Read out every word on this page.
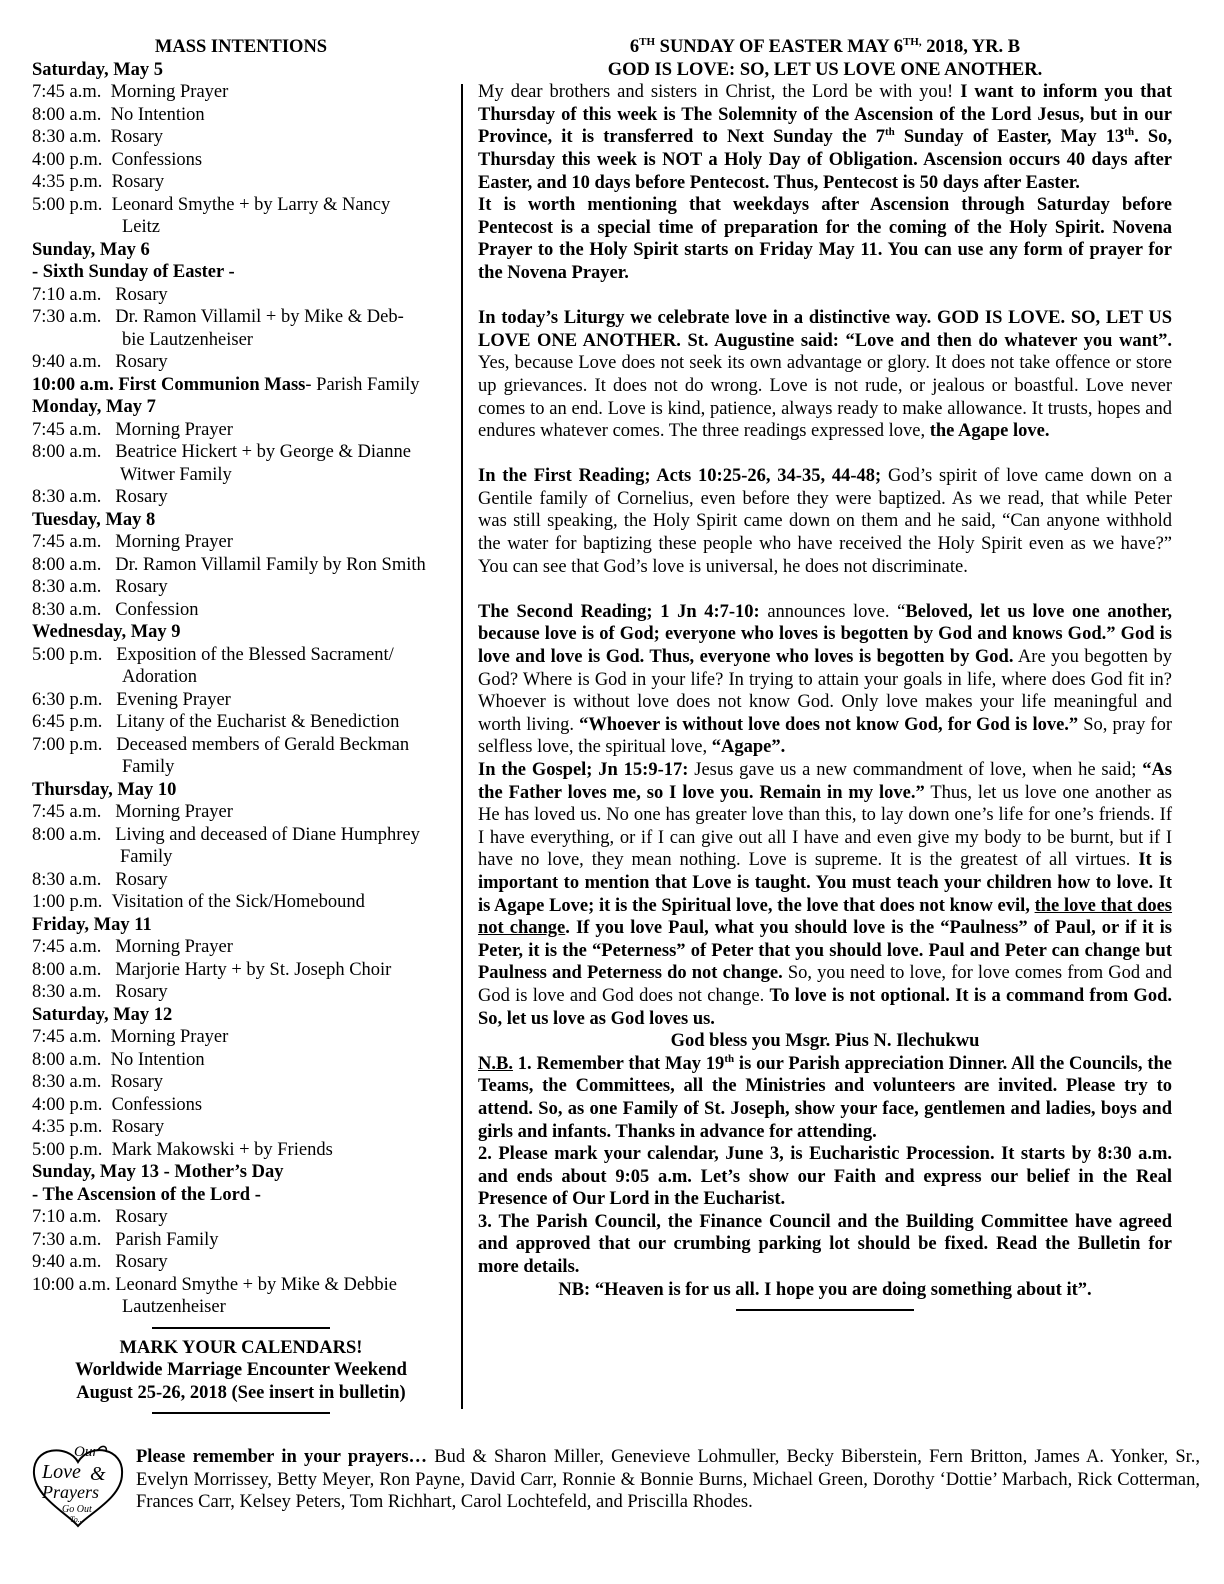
MASS INTENTIONS
Saturday, May 5
7:45 a.m. Morning Prayer
8:00 a.m. No Intention
8:30 a.m. Rosary
4:00 p.m. Confessions
4:35 p.m. Rosary
5:00 p.m. Leonard Smythe + by Larry & Nancy
Leitz
Sunday, May 6
- Sixth Sunday of Easter -
7:10 a.m. Rosary
7:30 a.m. Dr. Ramon Villamil + by Mike & Deb-
bie Lautzenheiser
9:40 a.m. Rosary
10:00 a.m. First Communion Mass- Parish Family
Monday, May 7
7:45 a.m. Morning Prayer
8:00 a.m. Beatrice Hickert + by George & Dianne
Witwer Family
8:30 a.m. Rosary
Tuesday, May 8
7:45 a.m. Morning Prayer
8:00 a.m. Dr. Ramon Villamil Family by Ron Smith
8:30 a.m. Rosary
8:30 a.m. Confession
Wednesday, May 9
5:00 p.m. Exposition of the Blessed Sacrament/
Adoration
6:30 p.m. Evening Prayer
6:45 p.m. Litany of the Eucharist & Benediction
7:00 p.m. Deceased members of Gerald Beckman
Family
Thursday, May 10
7:45 a.m. Morning Prayer
8:00 a.m. Living and deceased of Diane Humphrey
Family
8:30 a.m. Rosary
1:00 p.m. Visitation of the Sick/Homebound
Friday, May 11
7:45 a.m. Morning Prayer
8:00 a.m. Marjorie Harty + by St. Joseph Choir
8:30 a.m. Rosary
Saturday, May 12
7:45 a.m. Morning Prayer
8:00 a.m. No Intention
8:30 a.m. Rosary
4:00 p.m. Confessions
4:35 p.m. Rosary
5:00 p.m. Mark Makowski + by Friends
Sunday, May 13 - Mother’s Day
- The Ascension of the Lord -
7:10 a.m. Rosary
7:30 a.m. Parish Family
9:40 a.m. Rosary
10:00 a.m. Leonard Smythe + by Mike & Debbie
Lautzenheiser
MARK YOUR CALENDARS!
Worldwide Marriage Encounter Weekend
August 25-26, 2018 (See insert in bulletin)
6TH SUNDAY OF EASTER MAY $6^{TH,}$ 2018, YR. B
GOD IS LOVE: SO, LET US LOVE ONE ANOTHER.

My dear brothers and sisters in Christ, the Lord be with you! I want to inform you that Thursday of this week is The Solemnity of the Ascension of the Lord Jesus, but in our Province, it is transferred to Next Sunday the 7th Sunday of Easter, May 13th. So, Thursday this week is NOT a Holy Day of Obligation. Ascension occurs 40 days after Easter, and 10 days before Pentecost. Thus, Pentecost is 50 days after Easter.

It is worth mentioning that weekdays after Ascension through Saturday before Pentecost is a special time of preparation for the coming of the Holy Spirit. Novena Prayer to the Holy Spirit starts on Friday May 11. You can use any form of prayer for the Novena Prayer.

In today’s Liturgy we celebrate love in a distinctive way. GOD IS LOVE. SO, LET US LOVE ONE ANOTHER. St. Augustine said: “Love and then do whatever you want”. Yes, because Love does not seek its own advantage or glory. It does not take offence or store up grievances. It does not do wrong. Love is not rude, or jealous or boastful. Love never comes to an end. Love is kind, patience, always ready to make allowance. It trusts, hopes and endures whatever comes. The three readings expressed love, the Agape love.

In the First Reading; Acts 10:25-26, 34-35, 44-48; God’s spirit of love came down on a Gentile family of Cornelius, even before they were baptized. As we read, that while Peter was still speaking, the Holy Spirit came down on them and he said, “Can anyone withhold the water for baptizing these people who have received the Holy Spirit even as we have?” You can see that God’s love is universal, he does not discriminate.

The Second Reading; 1 Jn 4:7-10: announces love. “Beloved, let us love one another, because love is of God; everyone who loves is begotten by God and knows God.” God is love and love is God. Thus, everyone who loves is begotten by God. Are you begotten by God? Where is God in your life? In trying to attain your goals in life, where does God fit in? Whoever is without love does not know God. Only love makes your life meaningful and worth living. “Whoever is without love does not know God, for God is love.” So, pray for selfless love, the spiritual love, “Agape”.

In the Gospel; Jn 15:9-17: Jesus gave us a new commandment of love, when he said; “As the Father loves me, so I love you. Remain in my love.” Thus, let us love one another as He has loved us. No one has greater love than this, to lay down one’s life for one’s friends. If I have everything, or if I can give out all I have and even give my body to be burnt, but if I have no love, they mean nothing. Love is supreme. It is the greatest of all virtues. It is important to mention that Love is taught. You must teach your children how to love. It is Agape Love; it is the Spiritual love, the love that does not know evil, the love that does not change. If you love Paul, what you should love is the “Paulness” of Paul, or if it is Peter, it is the “Peterness” of Peter that you should love. Paul and Peter can change but Paulness and Peterness do not change. So, you need to love, for love comes from God and God is love and God does not change. To love is not optional. It is a command from God. So, let us love as God loves us.

God bless you Msgr. Pius N. Ilechukwu

N.B. 1. Remember that May 19th is our Parish appreciation Dinner. All the Councils, the Teams, the Committees, all the Ministries and volunteers are invited. Please try to attend. So, as one Family of St. Joseph, show your face, gentlemen and ladies, boys and girls and infants. Thanks in advance for attending.

2. Please mark your calendar, June 3, is Eucharistic Procession. It starts by 8:30 a.m. and ends about 9:05 a.m. Let’s show our Faith and express our belief in the Real Presence of Our Lord in the Eucharist.

3. The Parish Council, the Finance Council and the Building Committee have agreed and approved that our crumbing parking lot should be fixed. Read the Bulletin for more details.

NB: “Heaven is for us all. I hope you are doing something about it”.
Our
Love &
Prayers
Go Out
To...
Please remember in your prayers… Bud & Sharon Miller, Genevieve Lohmuller, Becky Biberstein, Fern Britton, James A. Yonker, Sr., Evelyn Morrissey, Betty Meyer, Ron Payne, David Carr, Ronnie & Bonnie Burns, Michael Green, Dorothy ‘Dottie’ Marbach, Rick Cotterman, Frances Carr, Kelsey Peters, Tom Richhart, Carol Lochtefeld, and Priscilla Rhodes.
